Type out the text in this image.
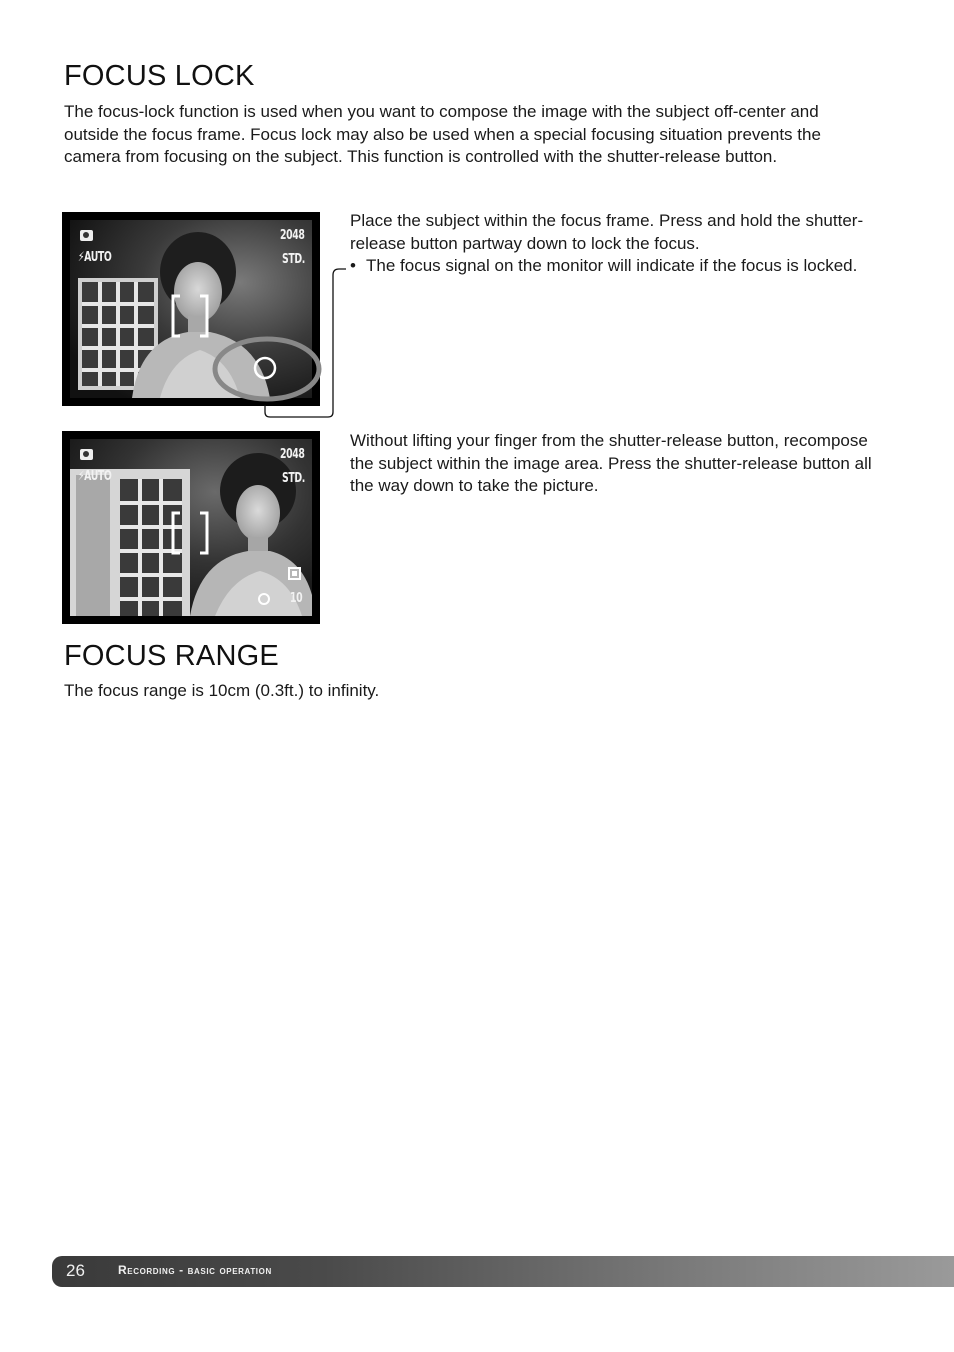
FOCUS LOCK

The focus-lock function is used when you want to compose the image with the subject off-center and outside the focus frame. Focus lock may also be used when a special focusing situation prevents the camera from focusing on the subject. This function is controlled with the shutter-release button.

⚡AUTO
2048
STD.

Place the subject within the focus frame. Press and hold the shutter-release button partway down to lock the focus.

• The focus signal on the monitor will indicate if the focus is locked.
⚡AUTO
2048
STD.
10

Without lifting your finger from the shutter-release button, recompose the subject within the image area. Press the shutter-release button all the way down to take the picture.

FOCUS RANGE

The focus range is 10cm (0.3ft.) to infinity.

26	Recording - basic operation
